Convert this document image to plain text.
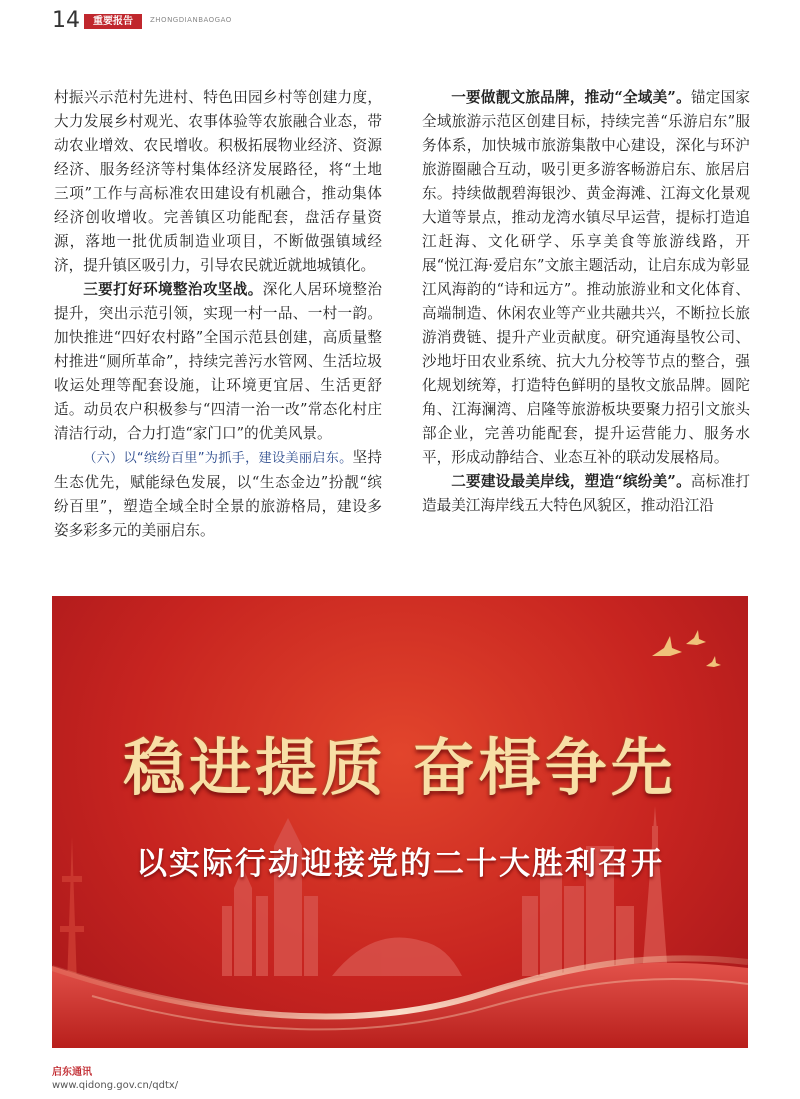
14	重要报告	ZHONGDIANBAOGAO

村振兴示范村先进村、特色田园乡村等创建力度，大力发展乡村观光、农事体验等农旅融合业态，带动农业增效、农民增收。积极拓展物业经济、资源经济、服务经济等村集体经济发展路径，将“土地三项”工作与高标准农田建设有机融合，推动集体经济创收增收。完善镇区功能配套，盘活存量资源，落地一批优质制造业项目，不断做强镇域经济，提升镇区吸引力，引导农民就近就地城镇化。

三要打好环境整治攻坚战。深化人居环境整治提升，突出示范引领，实现一村一品、一村一韵。加快推进“四好农村路”全国示范县创建，高质量整村推进“厕所革命”，持续完善污水管网、生活垃圾收运处理等配套设施，让环境更宜居、生活更舒适。动员农户积极参与“四清一治一改”常态化村庄清洁行动，合力打造“家门口”的优美风景。

（六）以“缤纷百里”为抓手，建设美丽启东。坚持生态优先，赋能绿色发展，以“生态金边”扮靓“缤纷百里”，塑造全域全时全景的旅游格局，建设多姿多彩多元的美丽启东。

一要做靓文旅品牌，推动“全域美”。锚定国家全域旅游示范区创建目标，持续完善“乐游启东”服务体系，加快城市旅游集散中心建设，深化与环沪旅游圈融合互动，吸引更多游客畅游启东、旅居启东。持续做靓碧海银沙、黄金海滩、江海文化景观大道等景点，推动龙湾水镇尽早运营，提标打造追江赶海、文化研学、乐享美食等旅游线路，开展“悦江海·爱启东”文旅主题活动，让启东成为彰显江风海韵的“诗和远方”。推动旅游业和文化体育、高端制造、休闲农业等产业共融共兴，不断拉长旅游消费链、提升产业贡献度。研究通海垦牧公司、沙地圩田农业系统、抗大九分校等节点的整合，强化规划统筹，打造特色鲜明的垦牧文旅品牌。圆陀角、江海澜湾、启隆等旅游板块要聚力招引文旅头部企业，完善功能配套，提升运营能力、服务水平，形成动静结合、业态互补的联动发展格局。

二要建设最美岸线，塑造“缤纷美”。高标准打造最美江海岸线五大特色风貌区，推动沿江沿

稳进提质 奋楫争先
以实际行动迎接党的二十大胜利召开
启东通讯
www.qidong.gov.cn/qdtx/
